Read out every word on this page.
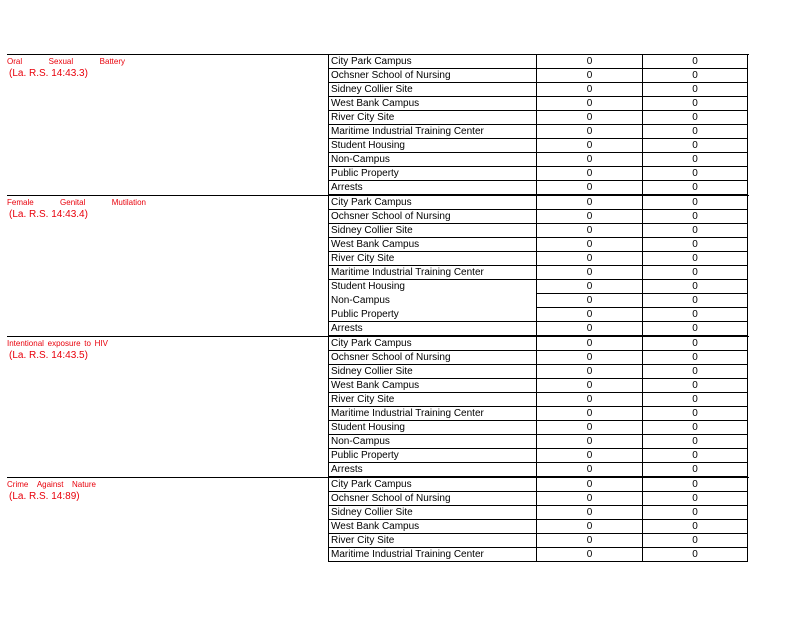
Oral	Sexual	Battery
(La. R.S. 14:43.3)
City Park Campus	0	0
Ochsner School of Nursing	0	0
Sidney Collier Site	0	0
West Bank Campus	0	0
River City Site	0	0
Maritime Industrial Training Center	0	0
Student Housing	0	0
Non-Campus	0	0
Public Property	0	0
Arrests	0	0
Female	Genital	Mutilation
(La. R.S. 14:43.4)
City Park Campus	0	0
Ochsner School of Nursing	0	0
Sidney Collier Site	0	0
West Bank Campus	0	0
River City Site	0	0
Maritime Industrial Training Center	0	0
Student Housing	0	0
Non-Campus	0	0
Public Property	0	0
Arrests	0	0
Intentional exposure to HIV
(La. R.S. 14:43.5)
City Park Campus	0	0
Ochsner School of Nursing	0	0
Sidney Collier Site	0	0
West Bank Campus	0	0
River City Site	0	0
Maritime Industrial Training Center	0	0
Student Housing	0	0
Non-Campus	0	0
Public Property	0	0
Arrests	0	0
Crime Against Nature
(La. R.S. 14:89)
City Park Campus	0	0
Ochsner School of Nursing	0	0
Sidney Collier Site	0	0
West Bank Campus	0	0
River City Site	0	0
Maritime Industrial Training Center	0	0
